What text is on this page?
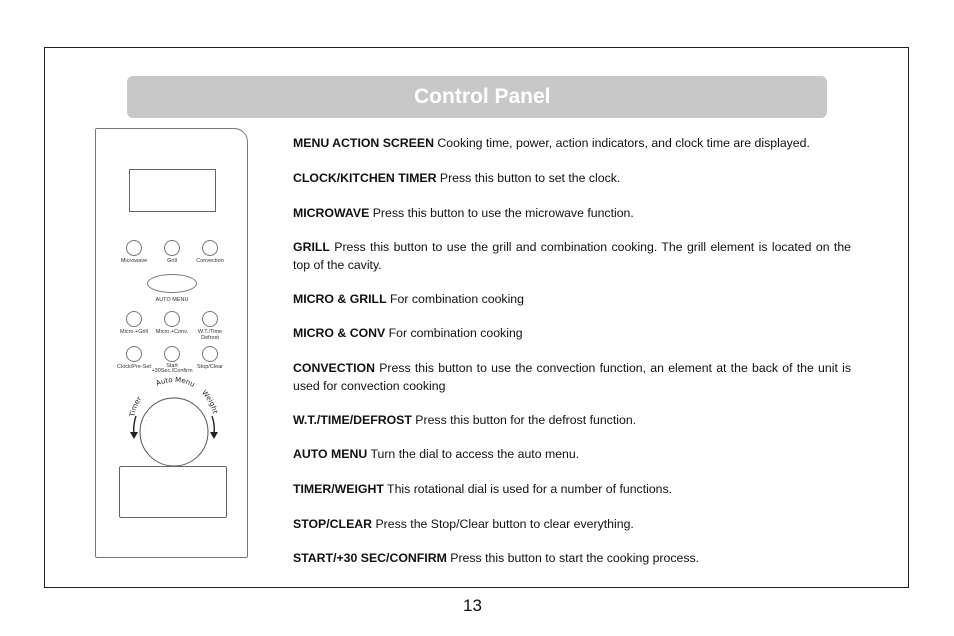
Control Panel
Microwave	Grill	Convection
AUTO MENU
Micro.+Grill	Micro.+Conv.	W.T./Time
Defrost
Clock/Pre-Set	Start
+30Sec./Confirm
Stop/Clear
Timer
Auto Menu
Weight
MENU ACTION SCREEN Cooking time, power, action indicators, and clock time are displayed.
CLOCK/KITCHEN TIMER Press this button to set the clock.
MICROWAVE Press this button to use the microwave function.
GRILL Press this button to use the grill and combination cooking. The grill element is located on the top of the cavity.
MICRO & GRILL For combination cooking
MICRO & CONV For combination cooking
CONVECTION Press this button to use the convection function, an element at the back of the unit is used for convection cooking
W.T./TIME/DEFROST Press this button for the defrost function.
AUTO MENU Turn the dial to access the auto menu.
TIMER/WEIGHT This rotational dial is used for a number of functions.
STOP/CLEAR Press the Stop/Clear button to clear everything.
START/+30 SEC/CONFIRM Press this button to start the cooking process.
13
